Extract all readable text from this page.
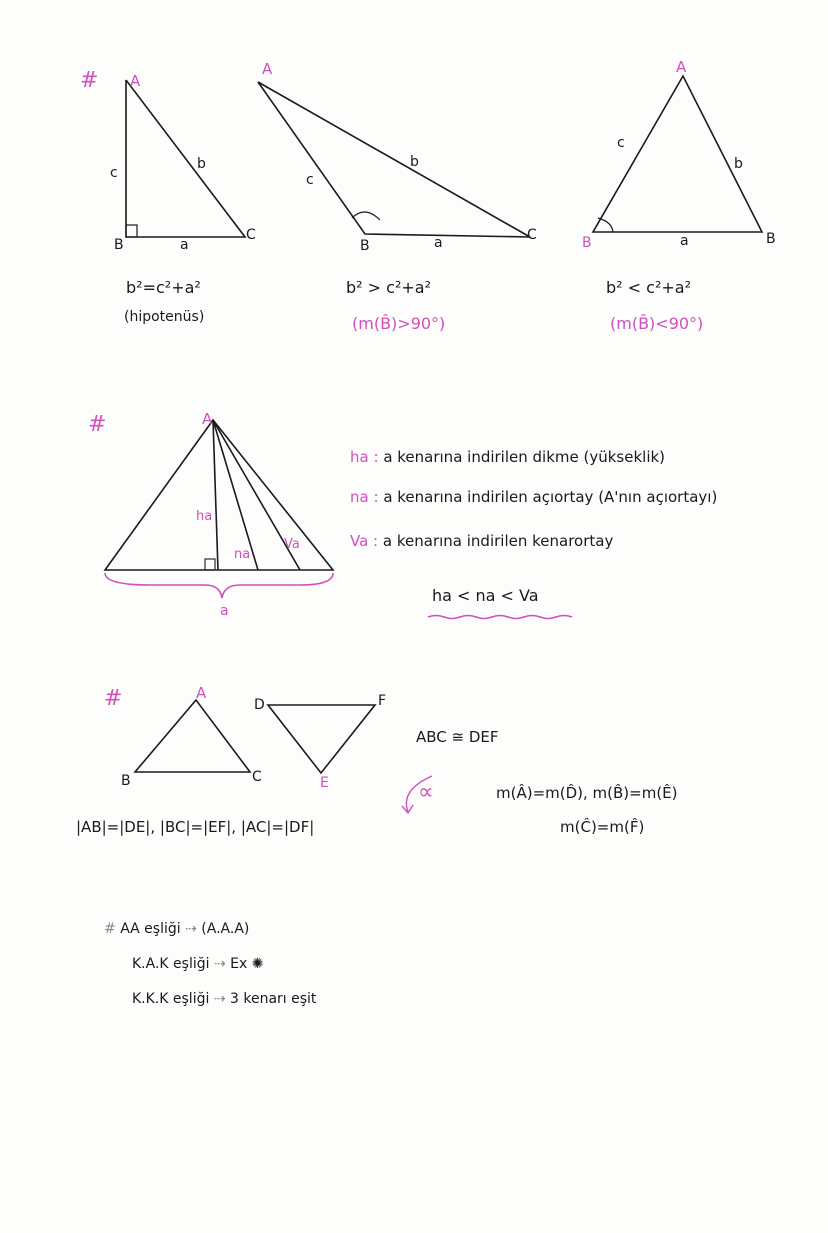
# A
B
C
c
b
a
b²=c²+a²
(hipotenüs)
A
B
C
c
b
a
b² > c²+a²
(m(B̂)>90°)
A
B	B
c
b
a
b² < c²+a²
(m(B̂)<90°)
#	A
ha
na
Va
a
ha : a kenarına indirilen dikme (yükseklik)
na : a kenarına indirilen açıortay (A'nın açıortayı)
Va : a kenarına indirilen kenarortay
ha < na < Va
#	A
B	C
D	F
E
ABC ≅ DEF
|AB|=|DE|, |BC|=|EF|, |AC|=|DF|
∝	m(Â)=m(D̂), m(B̂)=m(Ê)
m(Ĉ)=m(F̂)
# AA eşliği ⇢ (A.A.A)
K.A.K eşliği ⇢ Ex ✺
K.K.K eşliği ⇢ 3 kenarı eşit
